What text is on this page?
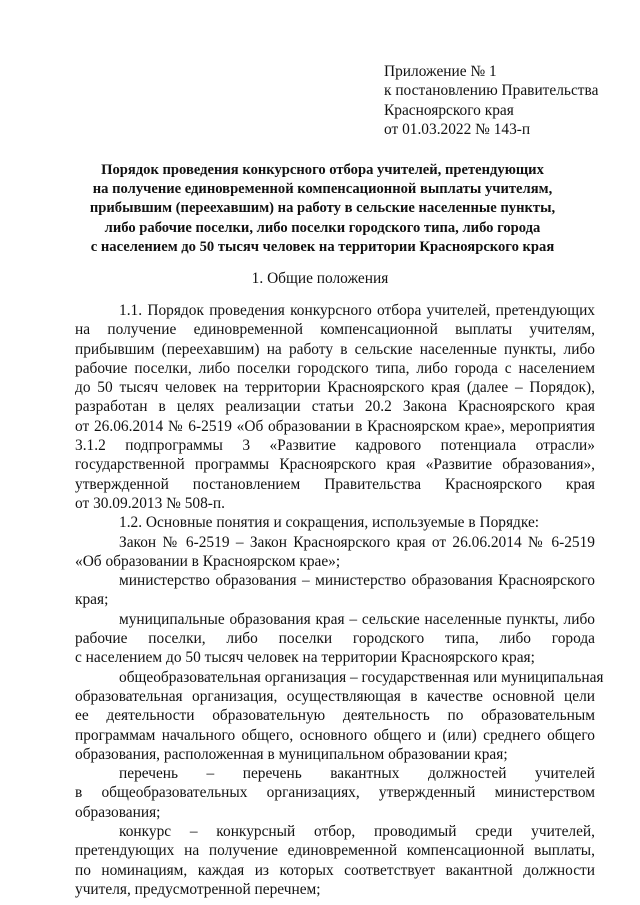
Приложение № 1
к постановлению Правительства
Красноярского края
от 01.03.2022 № 143-п
Порядок проведения конкурсного отбора учителей, претендующих
на получение единовременной компенсационной выплаты учителям,
прибывшим (переехавшим) на работу в сельские населенные пункты,
либо рабочие поселки, либо поселки городского типа, либо города
с населением до 50 тысяч человек на территории Красноярского края
1. Общие положения
1.1. Порядок проведения конкурсного отбора учителей, претендующих
на получение единовременной компенсационной выплаты учителям,
прибывшим (переехавшим) на работу в сельские населенные пункты, либо
рабочие поселки, либо поселки городского типа, либо города с населением
до 50 тысяч человек на территории Красноярского края (далее – Порядок),
разработан в целях реализации статьи 20.2 Закона Красноярского края
от 26.06.2014 № 6-2519 «Об образовании в Красноярском крае», мероприятия
3.1.2 подпрограммы 3 «Развитие кадрового потенциала отрасли»
государственной программы Красноярского края «Развитие образования»,
утвержденной постановлением Правительства Красноярского края
от 30.09.2013 № 508-п.
1.2. Основные понятия и сокращения, используемые в Порядке:
Закон № 6-2519 – Закон Красноярского края от 26.06.2014 № 6-2519
«Об образовании в Красноярском крае»;
министерство образования – министерство образования Красноярского
края;
муниципальные образования края – сельские населенные пункты, либо
рабочие поселки, либо поселки городского типа, либо города
с населением до 50 тысяч человек на территории Красноярского края;
общеобразовательная организация – государственная или муниципальная
образовательная организация, осуществляющая в качестве основной цели
ее деятельности образовательную деятельность по образовательным
программам начального общего, основного общего и (или) среднего общего
образования, расположенная в муниципальном образовании края;
перечень – перечень вакантных должностей учителей
в общеобразовательных организациях, утвержденный министерством
образования;
конкурс – конкурсный отбор, проводимый среди учителей,
претендующих на получение единовременной компенсационной выплаты,
по номинациям, каждая из которых соответствует вакантной должности
учителя, предусмотренной перечнем;
